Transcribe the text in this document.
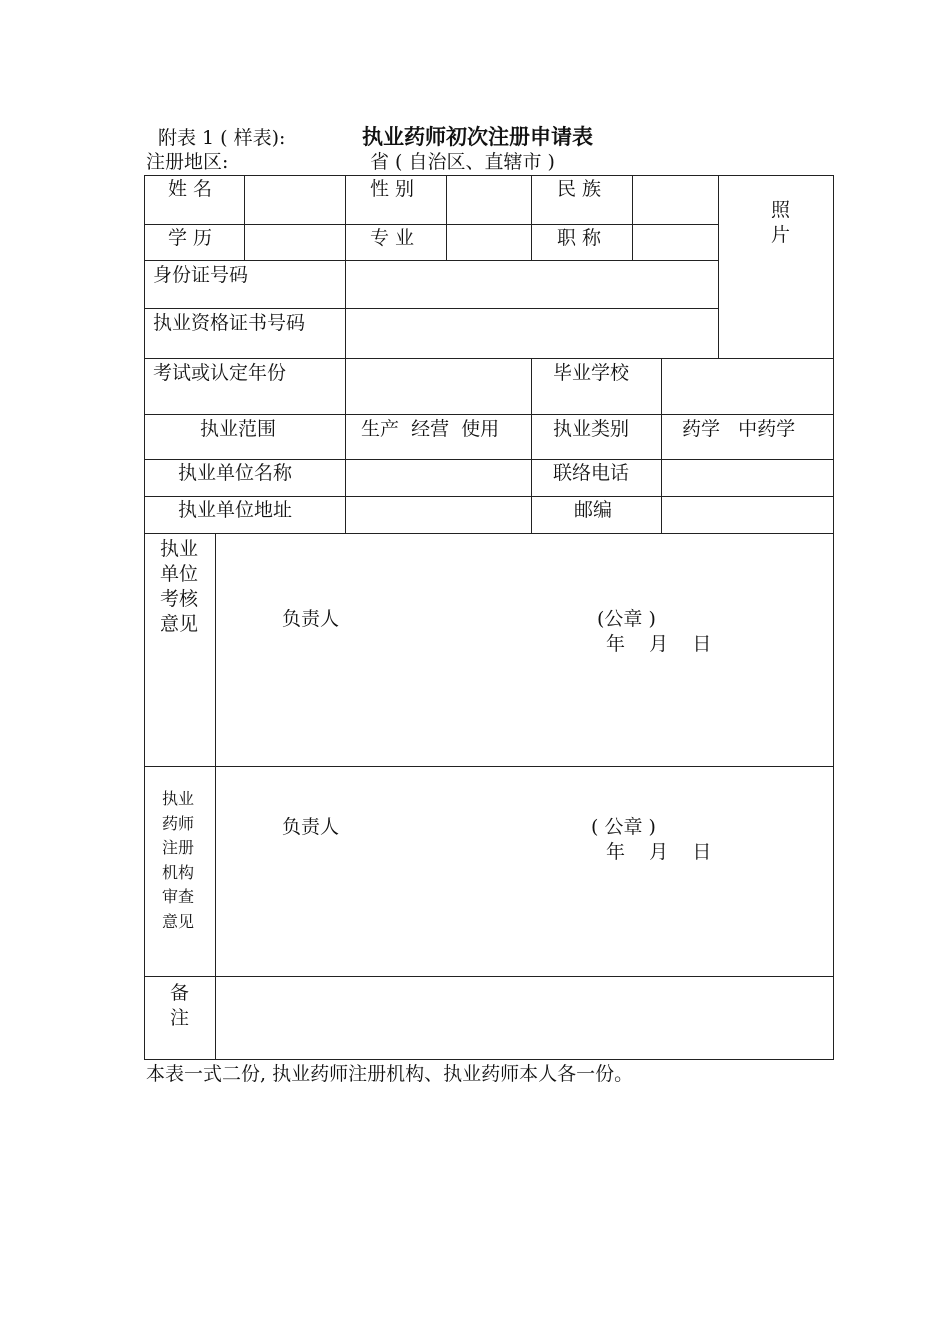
附表 1 ( 样表):	执业药师初次注册申请表
注册地区:	省 ( 自治区、直辖市 )
姓 名	性 别	民 族
照
片
学 历	专 业	职 称
身份证号码
执业资格证书号码
考试或认定年份	毕业学校
执业范围	生产  经营  使用	执业类别	药学   中药学
执业单位名称	联络电话
执业单位地址	邮编
执业
单位
考核
意见	负责人	(公章 )
年    月    日
执业
药师
注册
机构
审查
意见
负责人	( 公章 )
年    月    日
备
注
本表一式二份, 执业药师注册机构、执业药师本人各一份。
